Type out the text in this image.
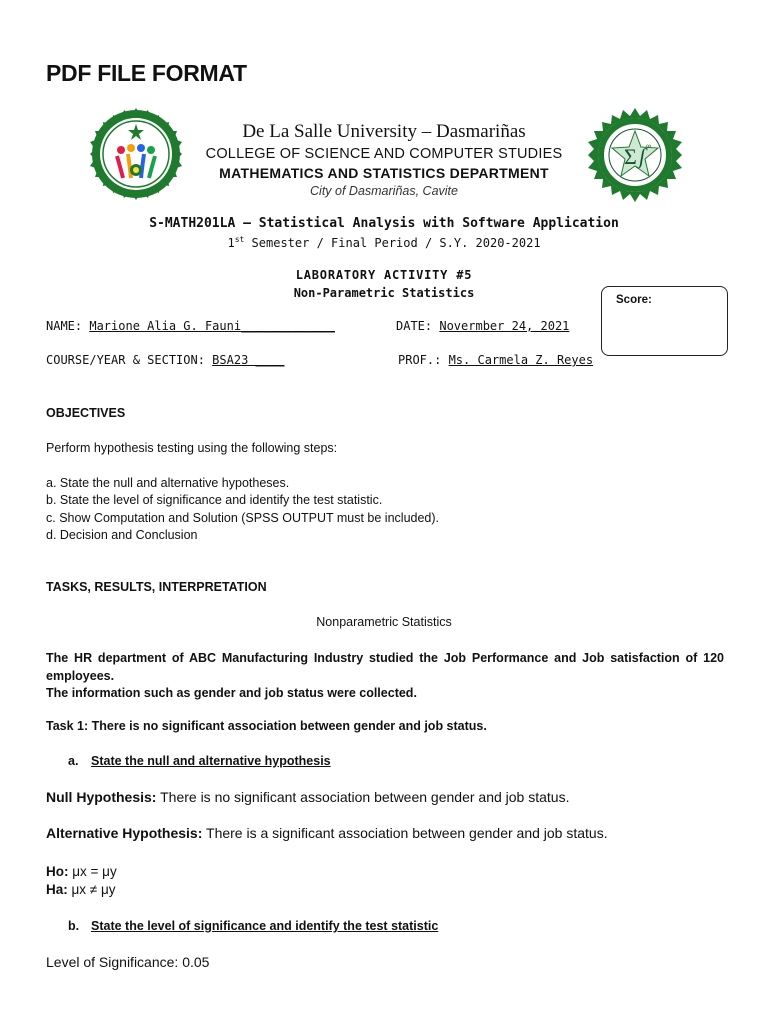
PDF FILE FORMAT
Σ ʃ ∞
De La Salle University – Dasmariñas
COLLEGE OF SCIENCE AND COMPUTER STUDIES
MATHEMATICS AND STATISTICS DEPARTMENT
City of Dasmariñas, Cavite
S-MATH201LA – Statistical Analysis with Software Application
1st Semester / Final Period / S.Y. 2020-2021
LABORATORY ACTIVITY #5
Non-Parametric Statistics	Score:
NAME: Marione Alia G. Fauni_____________	DATE: Novermber 24, 2021
COURSE/YEAR & SECTION: BSA23 ____	PROF.: Ms. Carmela Z. Reyes
OBJECTIVES
Perform hypothesis testing using the following steps:
a. State the null and alternative hypotheses.
b. State the level of significance and identify the test statistic.
c. Show Computation and Solution (SPSS OUTPUT must be included).
d. Decision and Conclusion
TASKS, RESULTS, INTERPRETATION
Nonparametric Statistics
The HR department of ABC Manufacturing Industry studied the Job Performance and Job satisfaction of 120 employees.
The information such as gender and job status were collected.
Task 1: There is no significant association between gender and job status.
a. State the null and alternative hypothesis
Null Hypothesis: There is no significant association between gender and job status.
Alternative Hypothesis: There is a significant association between gender and job status.
Ho: μx = μy
Ha: μx ≠ μy
b. State the level of significance and identify the test statistic
Level of Significance: 0.05
